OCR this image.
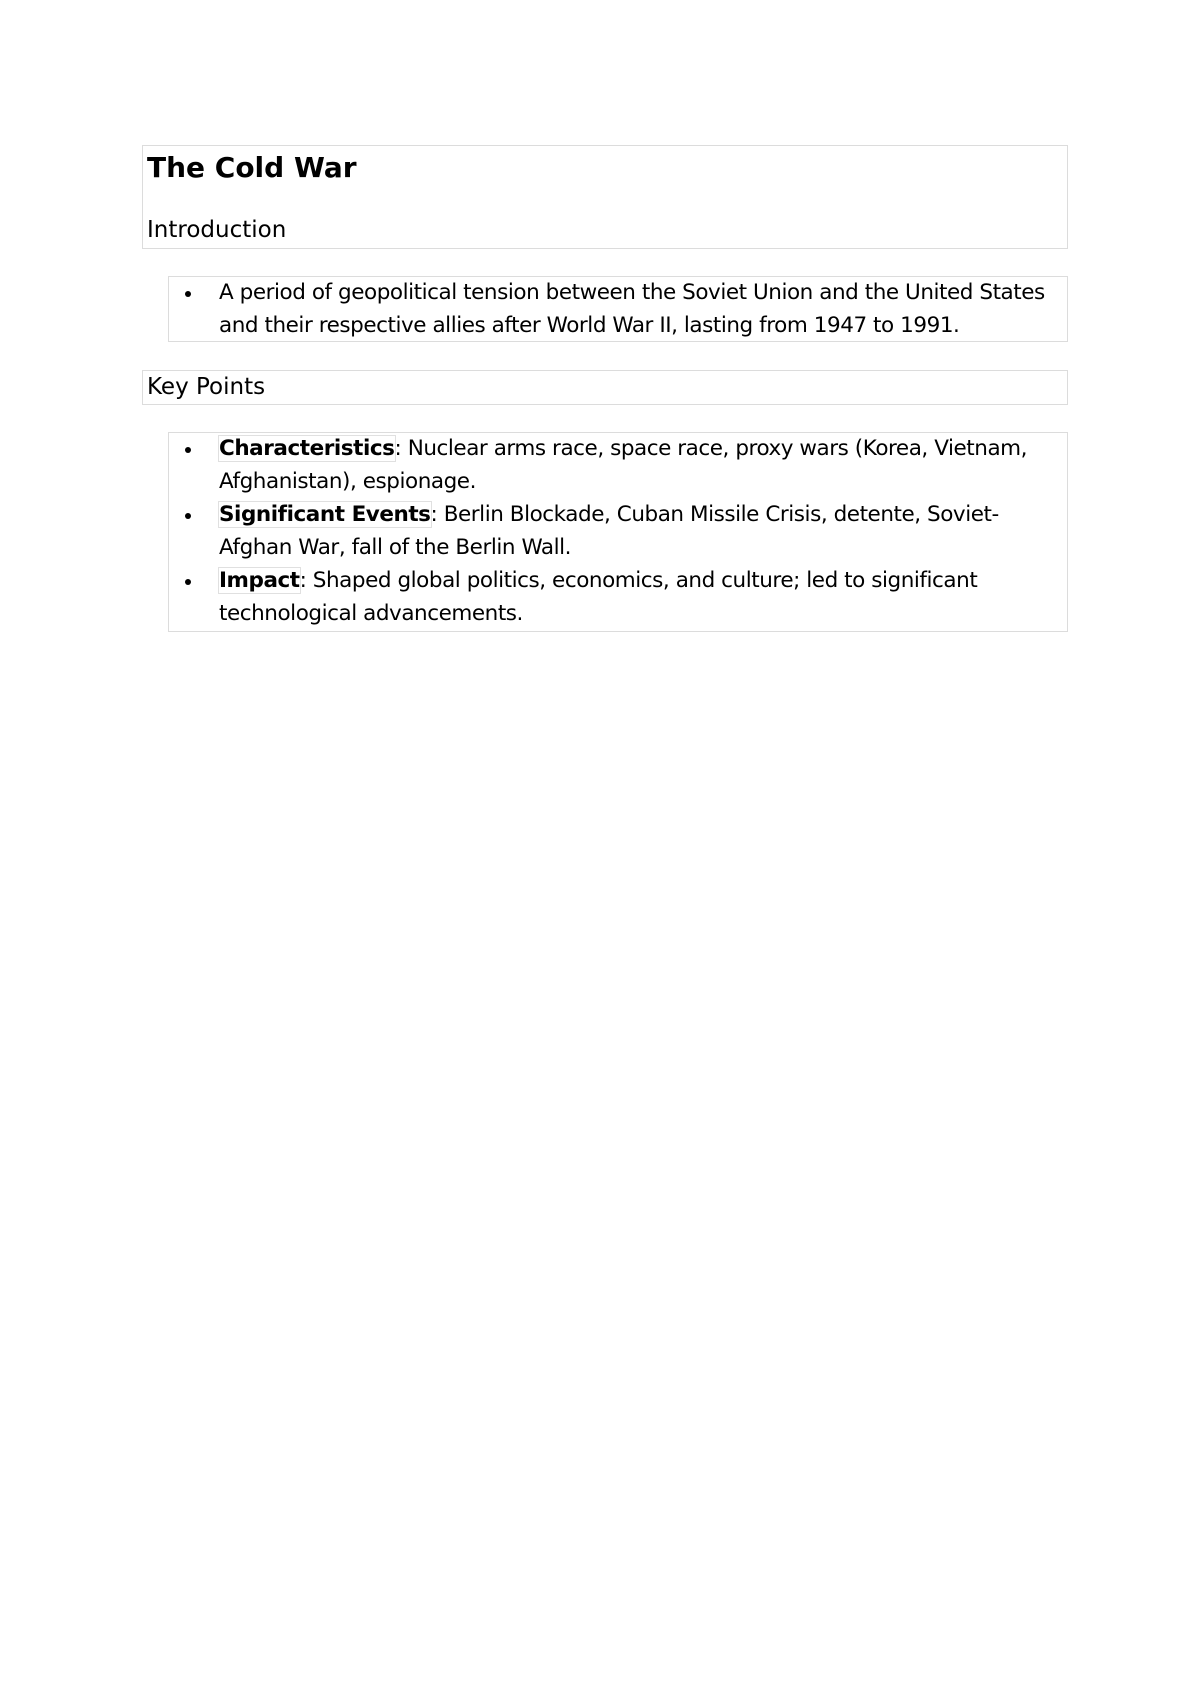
The Cold War
Introduction
A period of geopolitical tension between the Soviet Union and the United States and their respective allies after World War II, lasting from 1947 to 1991.
Key Points
Characteristics: Nuclear arms race, space race, proxy wars (Korea, Vietnam, Afghanistan), espionage.
Significant Events: Berlin Blockade, Cuban Missile Crisis, detente, Soviet-Afghan War, fall of the Berlin Wall.
Impact: Shaped global politics, economics, and culture; led to significant technological advancements.
